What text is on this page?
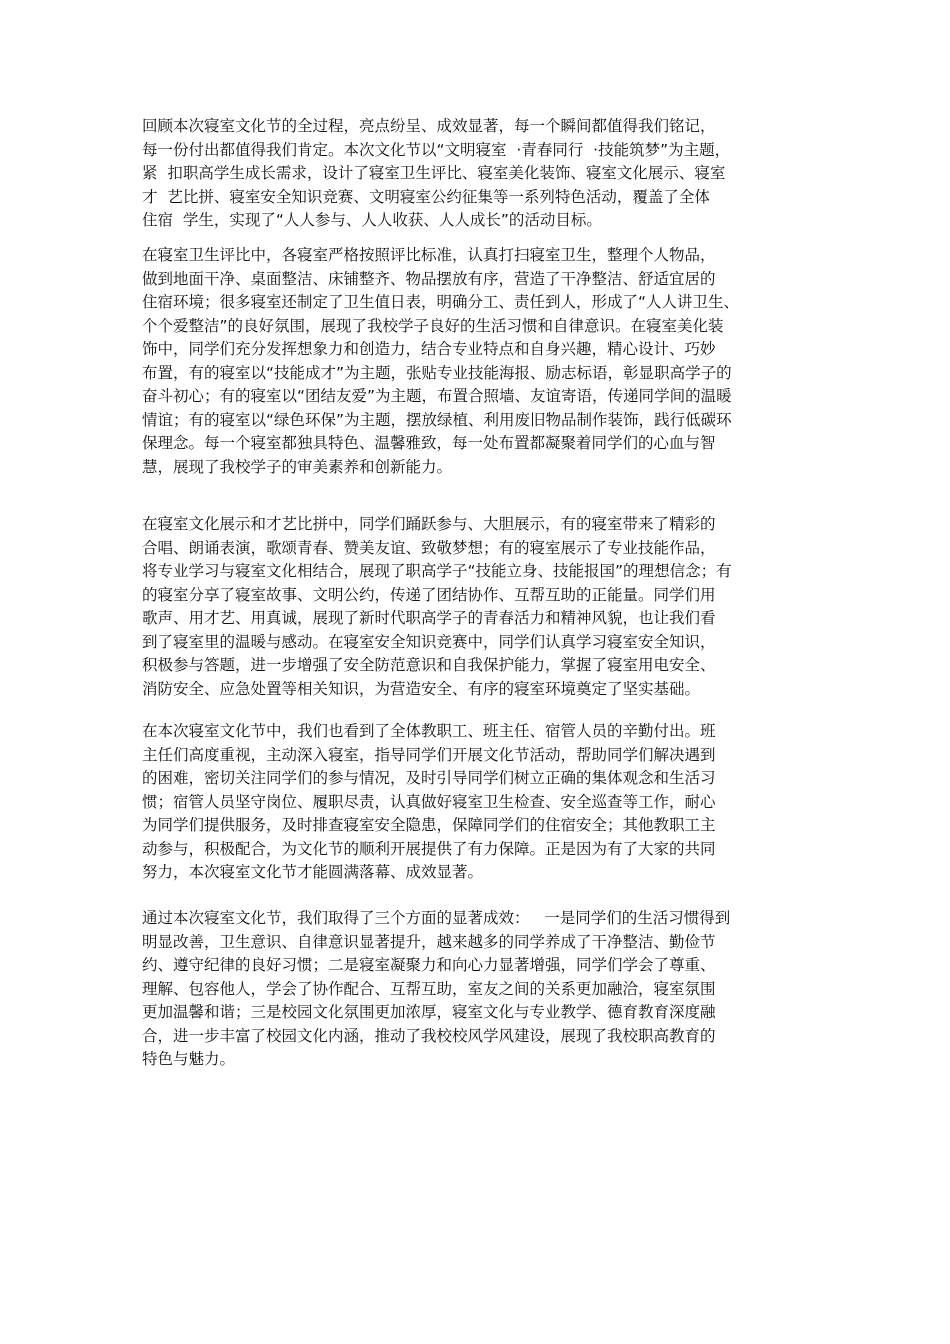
回顾本次寝室文化节的全过程，亮点纷呈、成效显著，每一个瞬间都值得我们铭记，
每一份付出都值得我们肯定。本次文化节以“文明寝室  ·青春同行  ·技能筑梦”为主题，
紧  扣职高学生成长需求，设计了寝室卫生评比、寝室美化装饰、寝室文化展示、寝室
才  艺比拼、寝室安全知识竞赛、文明寝室公约征集等一系列特色活动，覆盖了全体
住宿  学生，实现了“人人参与、人人收获、人人成长”的活动目标。
在寝室卫生评比中，各寝室严格按照评比标准，认真打扫寝室卫生，整理个人物品，
做到地面干净、桌面整洁、床铺整齐、物品摆放有序，营造了干净整洁、舒适宜居的
住宿环境；很多寝室还制定了卫生值日表，明确分工、责任到人，形成了“人人讲卫生、
个个爱整洁”的良好氛围，展现了我校学子良好的生活习惯和自律意识。在寝室美化装
饰中，同学们充分发挥想象力和创造力，结合专业特点和自身兴趣，精心设计、巧妙
布置，有的寝室以“技能成才”为主题，张贴专业技能海报、励志标语，彰显职高学子的
奋斗初心；有的寝室以“团结友爱”为主题，布置合照墙、友谊寄语，传递同学间的温暖
情谊；有的寝室以“绿色环保”为主题，摆放绿植、利用废旧物品制作装饰，践行低碳环
保理念。每一个寝室都独具特色、温馨雅致，每一处布置都凝聚着同学们的心血与智
慧，展现了我校学子的审美素养和创新能力。
在寝室文化展示和才艺比拼中，同学们踊跃参与、大胆展示，有的寝室带来了精彩的
合唱、朗诵表演，歌颂青春、赞美友谊、致敬梦想；有的寝室展示了专业技能作品，
将专业学习与寝室文化相结合，展现了职高学子“技能立身、技能报国”的理想信念；有
的寝室分享了寝室故事、文明公约，传递了团结协作、互帮互助的正能量。同学们用
歌声、用才艺、用真诚，展现了新时代职高学子的青春活力和精神风貌，也让我们看
到了寝室里的温暖与感动。在寝室安全知识竞赛中，同学们认真学习寝室安全知识，
积极参与答题，进一步增强了安全防范意识和自我保护能力，掌握了寝室用电安全、
消防安全、应急处置等相关知识，为营造安全、有序的寝室环境奠定了坚实基础。
在本次寝室文化节中，我们也看到了全体教职工、班主任、宿管人员的辛勤付出。班
主任们高度重视，主动深入寝室，指导同学们开展文化节活动，帮助同学们解决遇到
的困难，密切关注同学们的参与情况，及时引导同学们树立正确的集体观念和生活习
惯；宿管人员坚守岗位、履职尽责，认真做好寝室卫生检查、安全巡查等工作，耐心
为同学们提供服务，及时排查寝室安全隐患，保障同学们的住宿安全；其他教职工主
动参与，积极配合，为文化节的顺利开展提供了有力保障。正是因为有了大家的共同
努力，本次寝室文化节才能圆满落幕、成效显著。
通过本次寝室文化节，我们取得了三个方面的显著成效：   一是同学们的生活习惯得到
明显改善，卫生意识、自律意识显著提升，越来越多的同学养成了干净整洁、勤俭节
约、遵守纪律的良好习惯；二是寝室凝聚力和向心力显著增强，同学们学会了尊重、
理解、包容他人，学会了协作配合、互帮互助，室友之间的关系更加融洽，寝室氛围
更加温馨和谐；三是校园文化氛围更加浓厚，寝室文化与专业教学、德育教育深度融
合，进一步丰富了校园文化内涵，推动了我校校风学风建设，展现了我校职高教育的
特色与魅力。
